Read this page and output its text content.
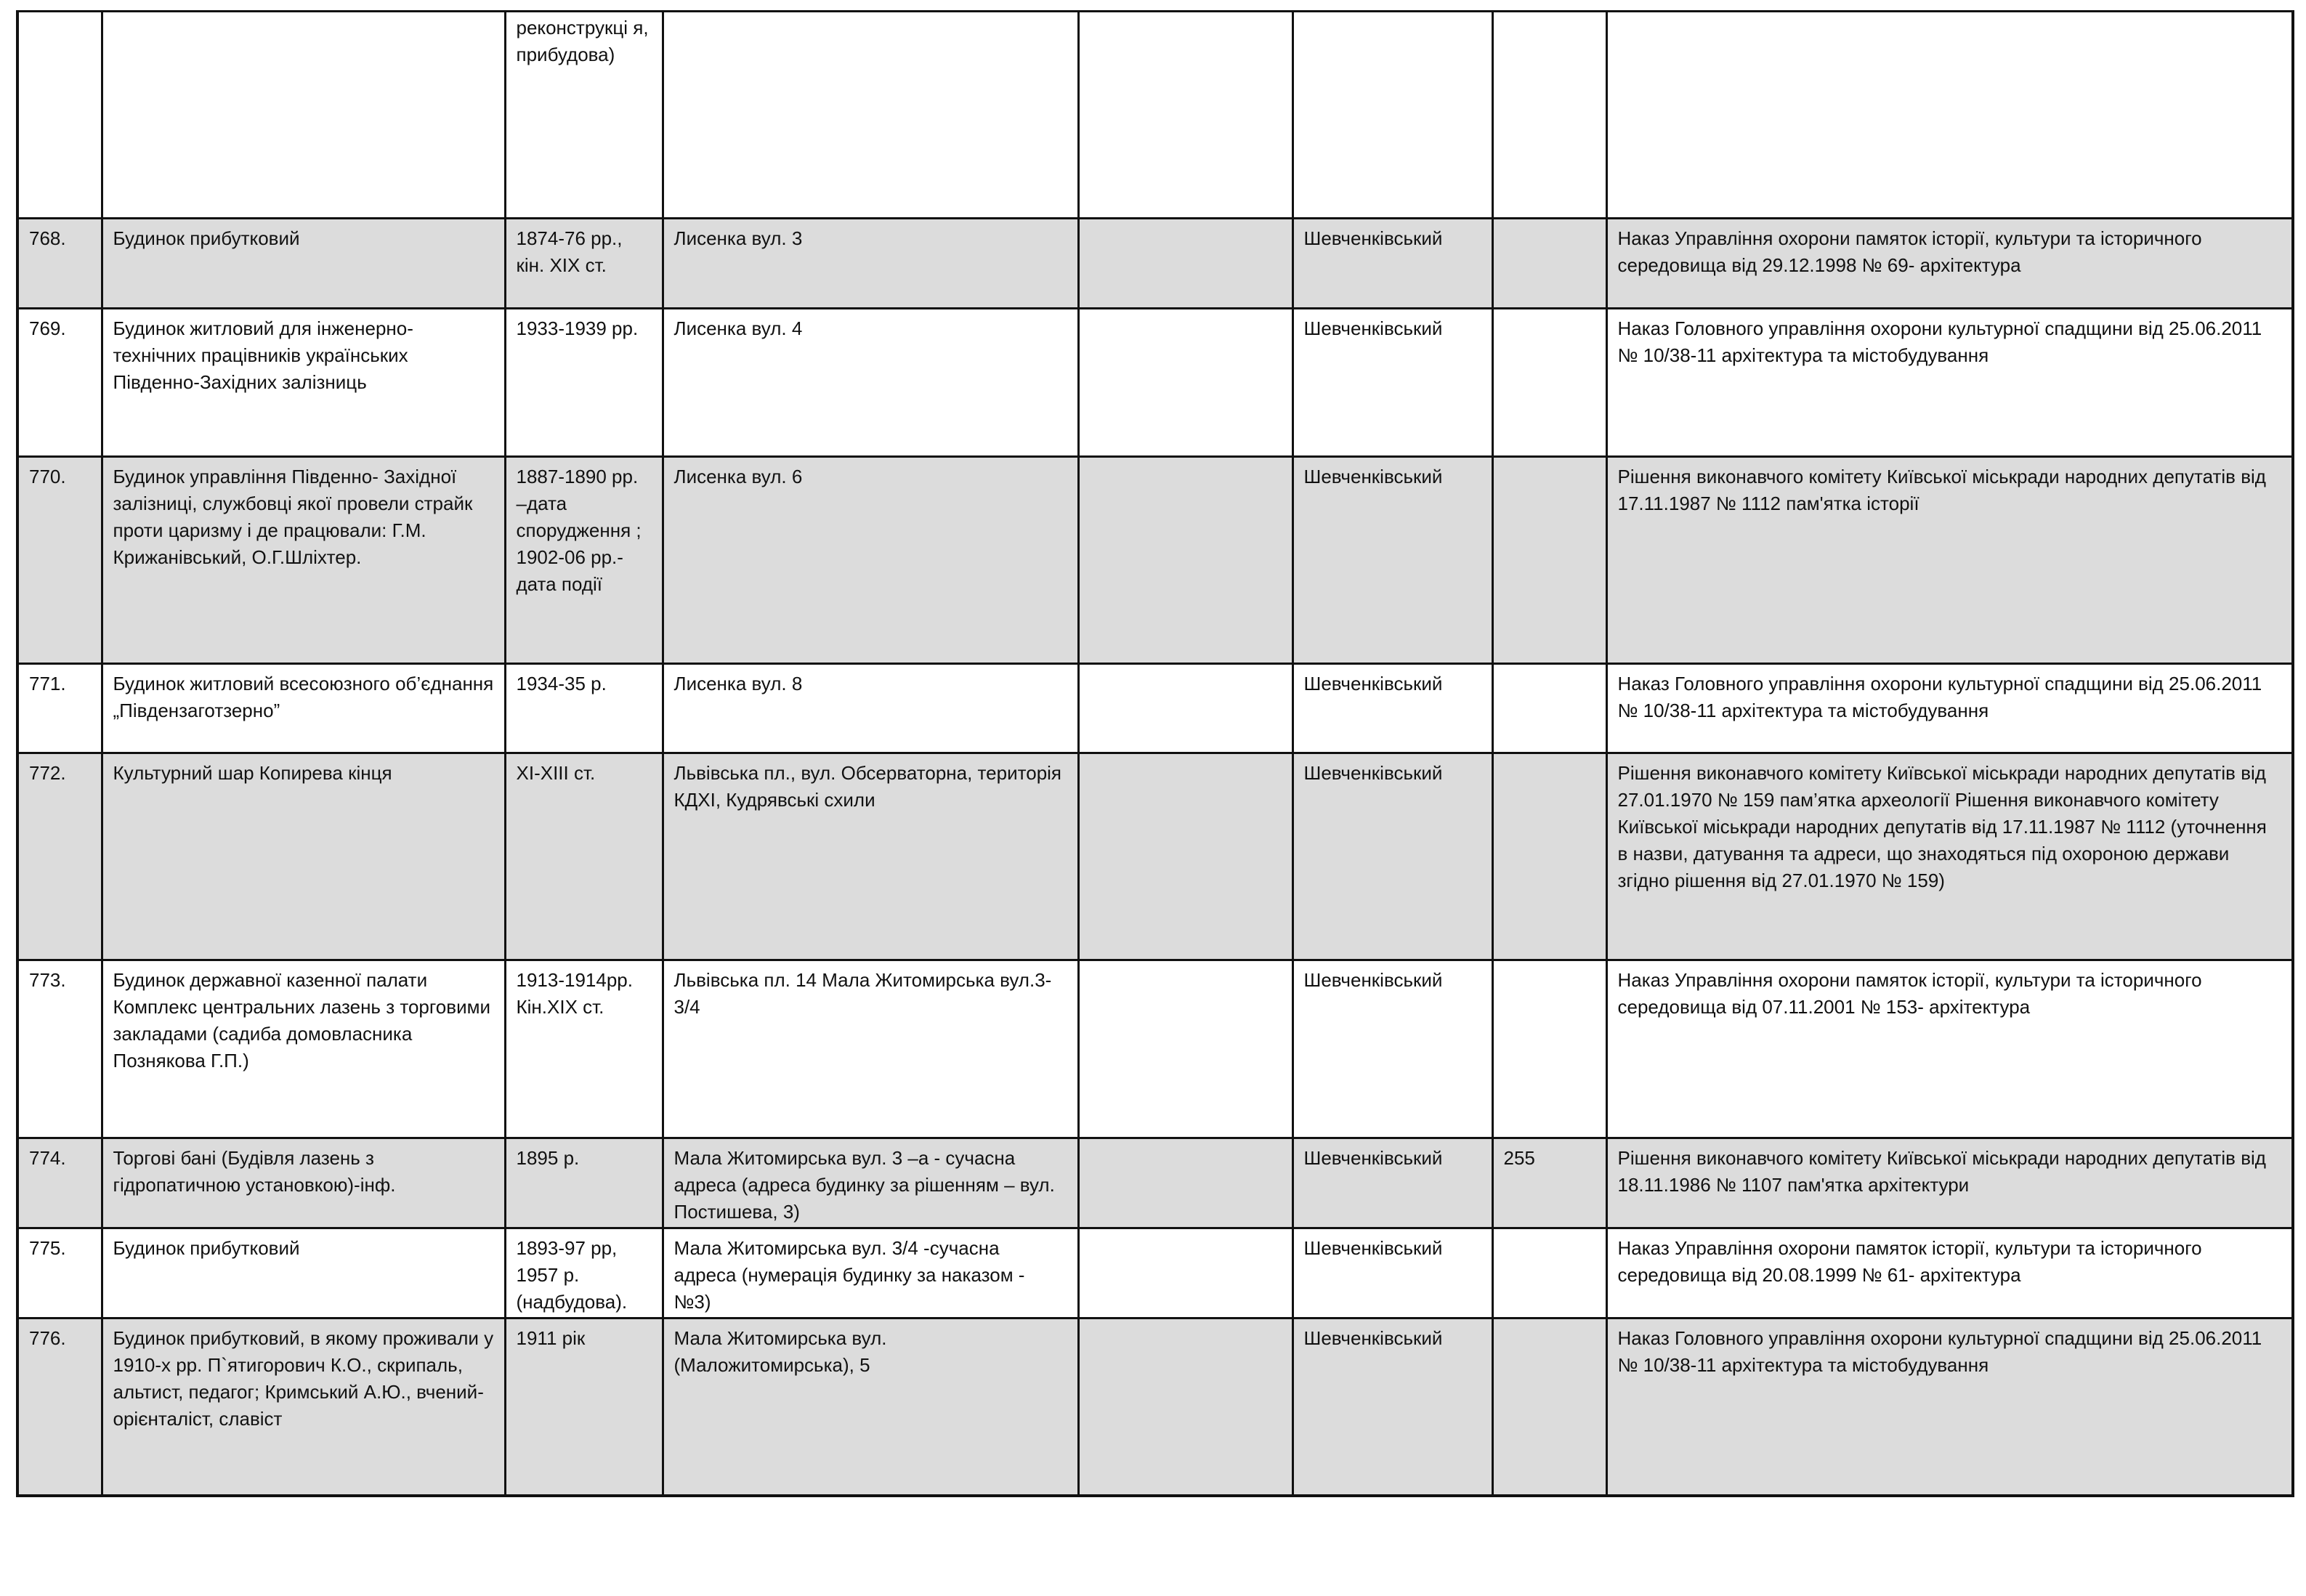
		реконструкці я, прибудова)					
768.	Будинок прибутковий	1874-76 рр., кін. ХІХ ст.	Лисенка вул. 3		Шевченківський		Наказ Управління охорони памяток історії, культури та історичного середовища від 29.12.1998 № 69- архітектура
769.	Будинок житловий для інженерно-технічних працівників українських Південно-Західних залізниць	1933-1939 рр.	Лисенка вул. 4		Шевченківський		Наказ Головного управління охорони культурної спадщини від 25.06.2011 № 10/38-11 архітектура та містобудування
770.	Будинок управління Південно- Західної залізниці, службовці якої провели страйк проти царизму і де працювали: Г.М. Крижанівський, О.Г.Шліхтер.	1887-1890 рр. –дата спорудження ; 1902-06 рр.- дата події	Лисенка вул. 6		Шевченківський		Рішення виконавчого комітету Київської міськради народних депутатів від 17.11.1987 № 1112 пам'ятка історії
771.	Будинок житловий всесоюзного об’єднання „Південзаготзерно”	1934-35 р.	Лисенка вул. 8		Шевченківський		Наказ Головного управління охорони культурної спадщини від 25.06.2011 № 10/38-11 архітектура та містобудування
772.	Культурний шар Копирева кінця	ХІ-ХІІІ ст.	Львівська пл., вул. Обсерваторна, територія КДХІ, Кудрявські схили		Шевченківський		Рішення виконавчого комітету Київської міськради народних депутатів від 27.01.1970 № 159 пам’ятка археології Рішення виконавчого комітету Київської міськради народних депутатів від 17.11.1987 № 1112 (уточнення в назви, датування та адреси, що знаходяться під охороною держави згідно рішення від 27.01.1970 № 159)
773.	Будинок державної казенної палати Комплекс центральних лазень з торговими закладами (садиба домовласника Познякова Г.П.)	1913-1914рр. Кін.ХІХ ст.	Львівська пл. 14 Мала Житомирська вул.3-3/4		Шевченківський		Наказ Управління охорони памяток історії, культури та історичного середовища від 07.11.2001 № 153- архітектура
774.	Торгові бані (Будівля лазень з гідропатичною установкою)-інф.	1895 р.	Мала Житомирська вул. 3 –а - сучасна адреса (адреса будинку за рішенням – вул. Постишева, 3)		Шевченківський	255	Рішення виконавчого комітету Київської міськради народних депутатів від 18.11.1986 № 1107 пам'ятка архітектури
775.	Будинок прибутковий	1893-97 рр, 1957 р. (надбудова).	Мала Житомирська вул. 3/4 -сучасна адреса (нумерація будинку за наказом - №3)		Шевченківський		Наказ Управління охорони памяток історії, культури та історичного середовища від 20.08.1999 № 61- архітектура
776.	Будинок прибутковий, в якому проживали у 1910-х рр. П`ятигорович К.О., скрипаль, альтист, педагог; Кримський А.Ю., вчений-орієнталіст, славіст	1911 рік	Мала Житомирська вул. (Маложитомирська), 5		Шевченківський		Наказ Головного управління охорони культурної спадщини від 25.06.2011 № 10/38-11 архітектура та містобудування
